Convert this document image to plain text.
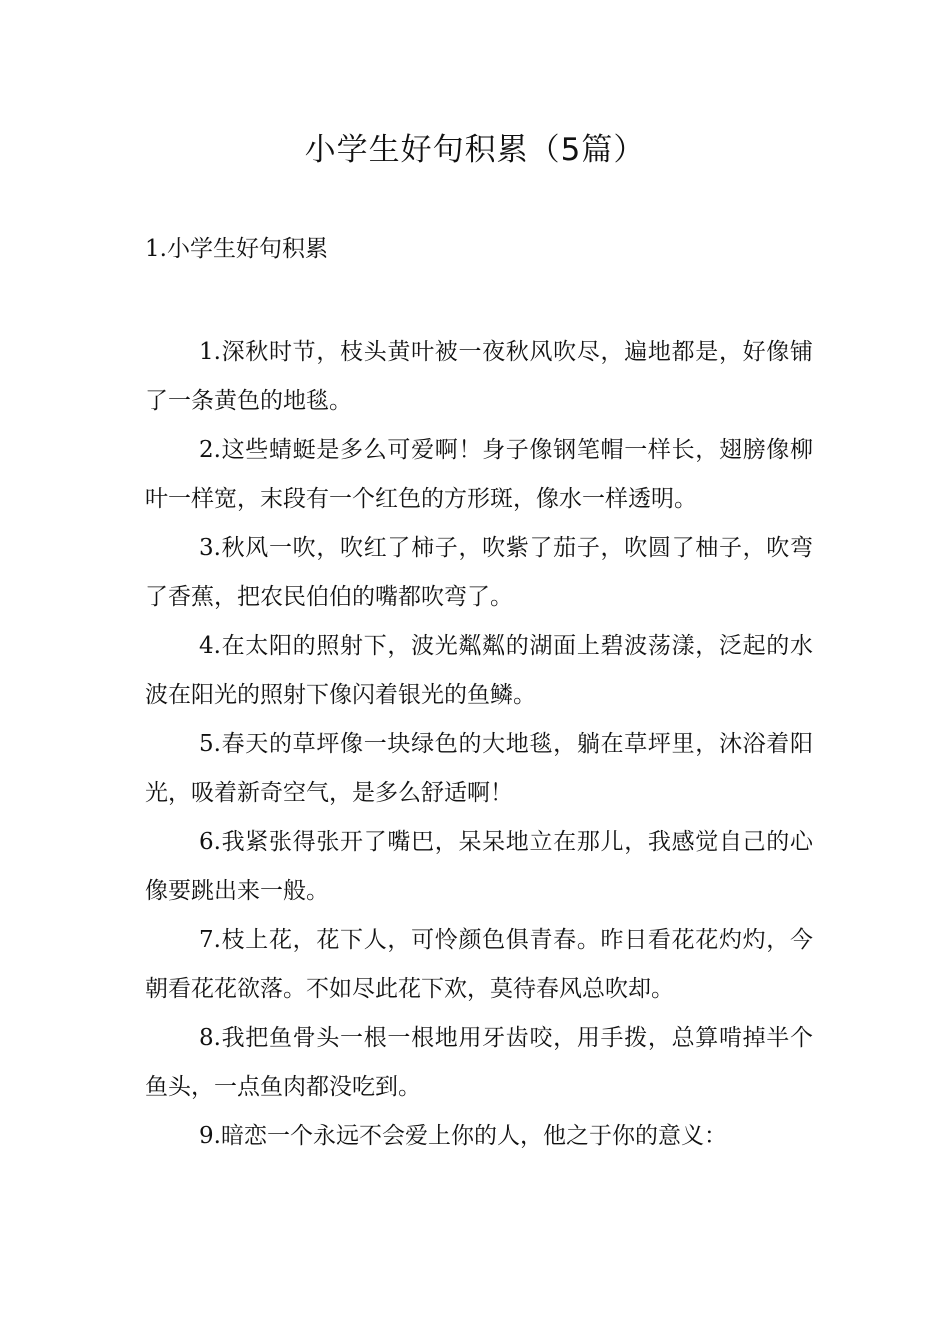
小学生好句积累（5篇）
1.小学生好句积累

1.深秋时节，枝头黄叶被一夜秋风吹尽，遍地都是，好像铺了一条黄色的地毯。

2.这些蜻蜓是多么可爱啊！身子像钢笔帽一样长，翅膀像柳叶一样宽，末段有一个红色的方形斑，像水一样透明。

3.秋风一吹，吹红了柿子，吹紫了茄子，吹圆了柚子，吹弯了香蕉，把农民伯伯的嘴都吹弯了。

4.在太阳的照射下，波光粼粼的湖面上碧波荡漾，泛起的水波在阳光的照射下像闪着银光的鱼鳞。

5.春天的草坪像一块绿色的大地毯，躺在草坪里，沐浴着阳光，吸着新奇空气，是多么舒适啊！

6.我紧张得张开了嘴巴，呆呆地立在那儿，我感觉自己的心像要跳出来一般。

7.枝上花，花下人，可怜颜色俱青春。昨日看花花灼灼，今朝看花花欲落。不如尽此花下欢，莫待春风总吹却。

8.我把鱼骨头一根一根地用牙齿咬，用手拨，总算啃掉半个鱼头，一点鱼肉都没吃到。

9.暗恋一个永远不会爱上你的人，他之于你的意义：
